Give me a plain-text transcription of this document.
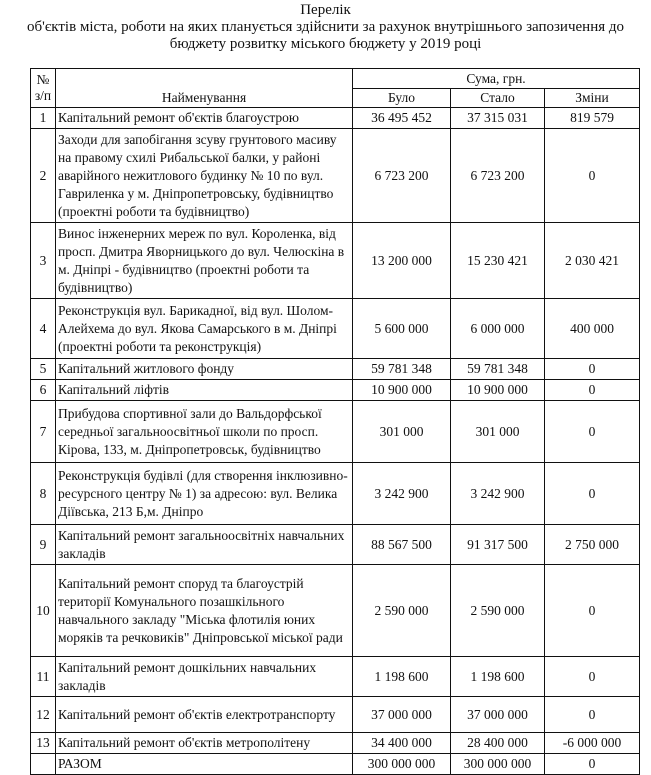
Перелік
об'єктів міста, роботи на яких планується здійснити за рахунок внутрішнього запозичення до
бюджету розвитку міського бюджету у 2019 році
№
з/п	Найменування	Сума, грн.		
		Було	Стало	Зміни
1	Капітальний ремонт об'єктів благоустрою	36 495 452	37 315 031	819 579
2	Заходи для запобігання зсуву грунтового масиву на правому схилі Рибальської балки, у районі аварійного нежитлового будинку № 10 по вул. Гавриленка у м. Дніпропетровську, будівництво (проектні роботи та будівництво)	6 723 200	6 723 200	0
3	Винос інженерних мереж по вул. Короленка, від просп. Дмитра Яворницького до вул. Челюскіна в м. Дніпрі - будівництво (проектні роботи та будівництво)	13 200 000	15 230 421	2 030 421
4	Реконструкція вул. Барикадної, від вул. Шолом-Алейхема до вул. Якова Самарського в м. Дніпрі (проектні роботи та реконструкція)	5 600 000	6 000 000	400 000
5	Капітальний житлового фонду	59 781 348	59 781 348	0
6	Капітальний ліфтів	10 900 000	10 900 000	0
7	Прибудова спортивної зали до Вальдорфської середньої загальноосвітньої школи по просп. Кірова, 133, м. Дніпропетровськ, будівництво	301 000	301 000	0
8	Реконструкція будівлі (для створення інклюзивно-ресурсного центру № 1) за адресою: вул. Велика Діївська, 213 Б,м. Дніпро	3 242 900	3 242 900	0
9	Капітальний ремонт загальноосвітніх навчальних закладів	88 567 500	91 317 500	2 750 000
10	Капітальний ремонт споруд та благоустрій території Комунального позашкільного навчального закладу "Міська флотилія юних моряків та речковиків" Дніпровської міської ради	2 590 000	2 590 000	0
11	Капітальний ремонт дошкільних навчальних закладів	1 198 600	1 198 600	0
12	Капітальний ремонт об'єктів електротранспорту	37 000 000	37 000 000	0
13	Капітальний ремонт об'єктів метрополітену	34 400 000	28 400 000	-6 000 000
	РАЗОМ	300 000 000	300 000 000	0
